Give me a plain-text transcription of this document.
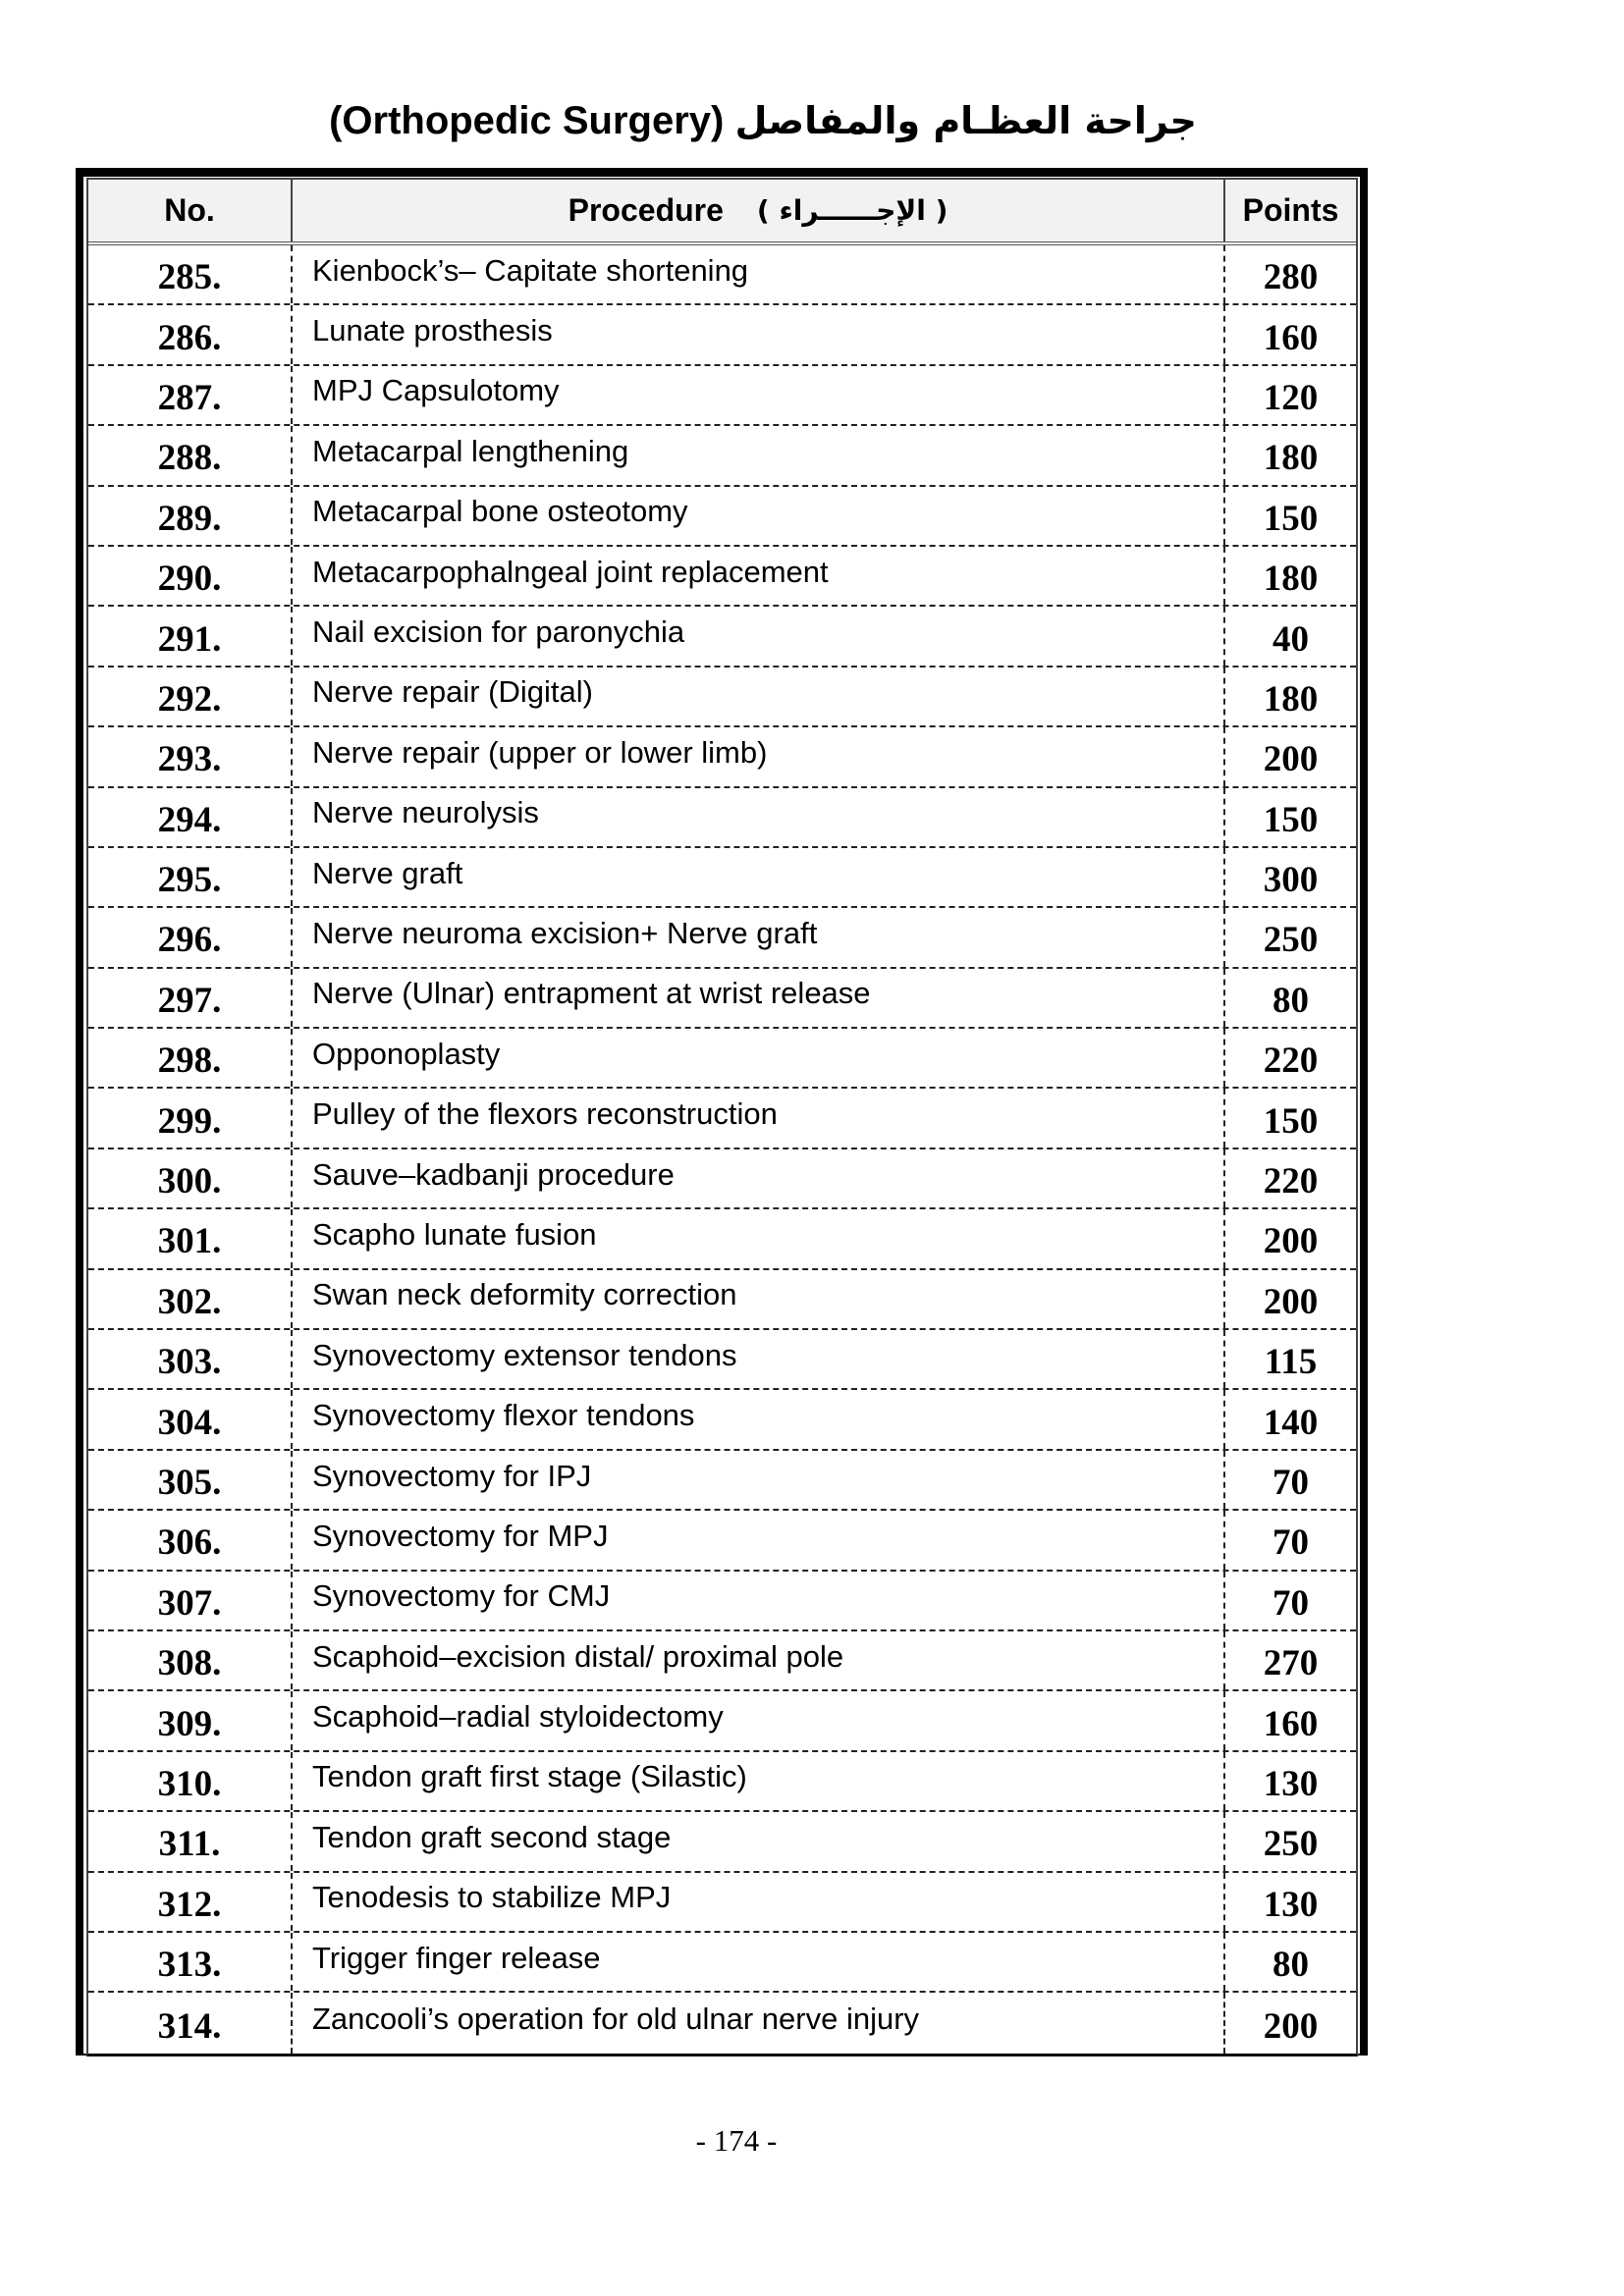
(Orthopedic Surgery) جراحة العظـام والمفاصل
No.	Procedure ( الإجــــــراء )	Points
285.	Kienbock’s– Capitate shortening	280
286.	Lunate prosthesis	160
287.	MPJ Capsulotomy	120
288.	Metacarpal lengthening	180
289.	Metacarpal bone osteotomy	150
290.	Metacarpophalngeal joint replacement	180
291.	Nail excision for paronychia	40
292.	Nerve repair (Digital)	180
293.	Nerve repair (upper or lower limb)	200
294.	Nerve neurolysis	150
295.	Nerve graft	300
296.	Nerve neuroma excision+ Nerve graft	250
297.	Nerve (Ulnar) entrapment at wrist release	80
298.	Opponoplasty	220
299.	Pulley of the flexors reconstruction	150
300.	Sauve–kadbanji procedure	220
301.	Scapho lunate fusion	200
302.	Swan neck deformity correction	200
303.	Synovectomy extensor tendons	115
304.	Synovectomy flexor tendons	140
305.	Synovectomy for IPJ	70
306.	Synovectomy for MPJ	70
307.	Synovectomy for CMJ	70
308.	Scaphoid–excision distal/ proximal pole	270
309.	Scaphoid–radial styloidectomy	160
310.	Tendon graft first stage (Silastic)	130
311.	Tendon graft second stage	250
312.	Tenodesis to stabilize MPJ	130
313.	Trigger finger release	80
314.	Zancooli’s operation for old ulnar nerve injury	200
- 174 -
